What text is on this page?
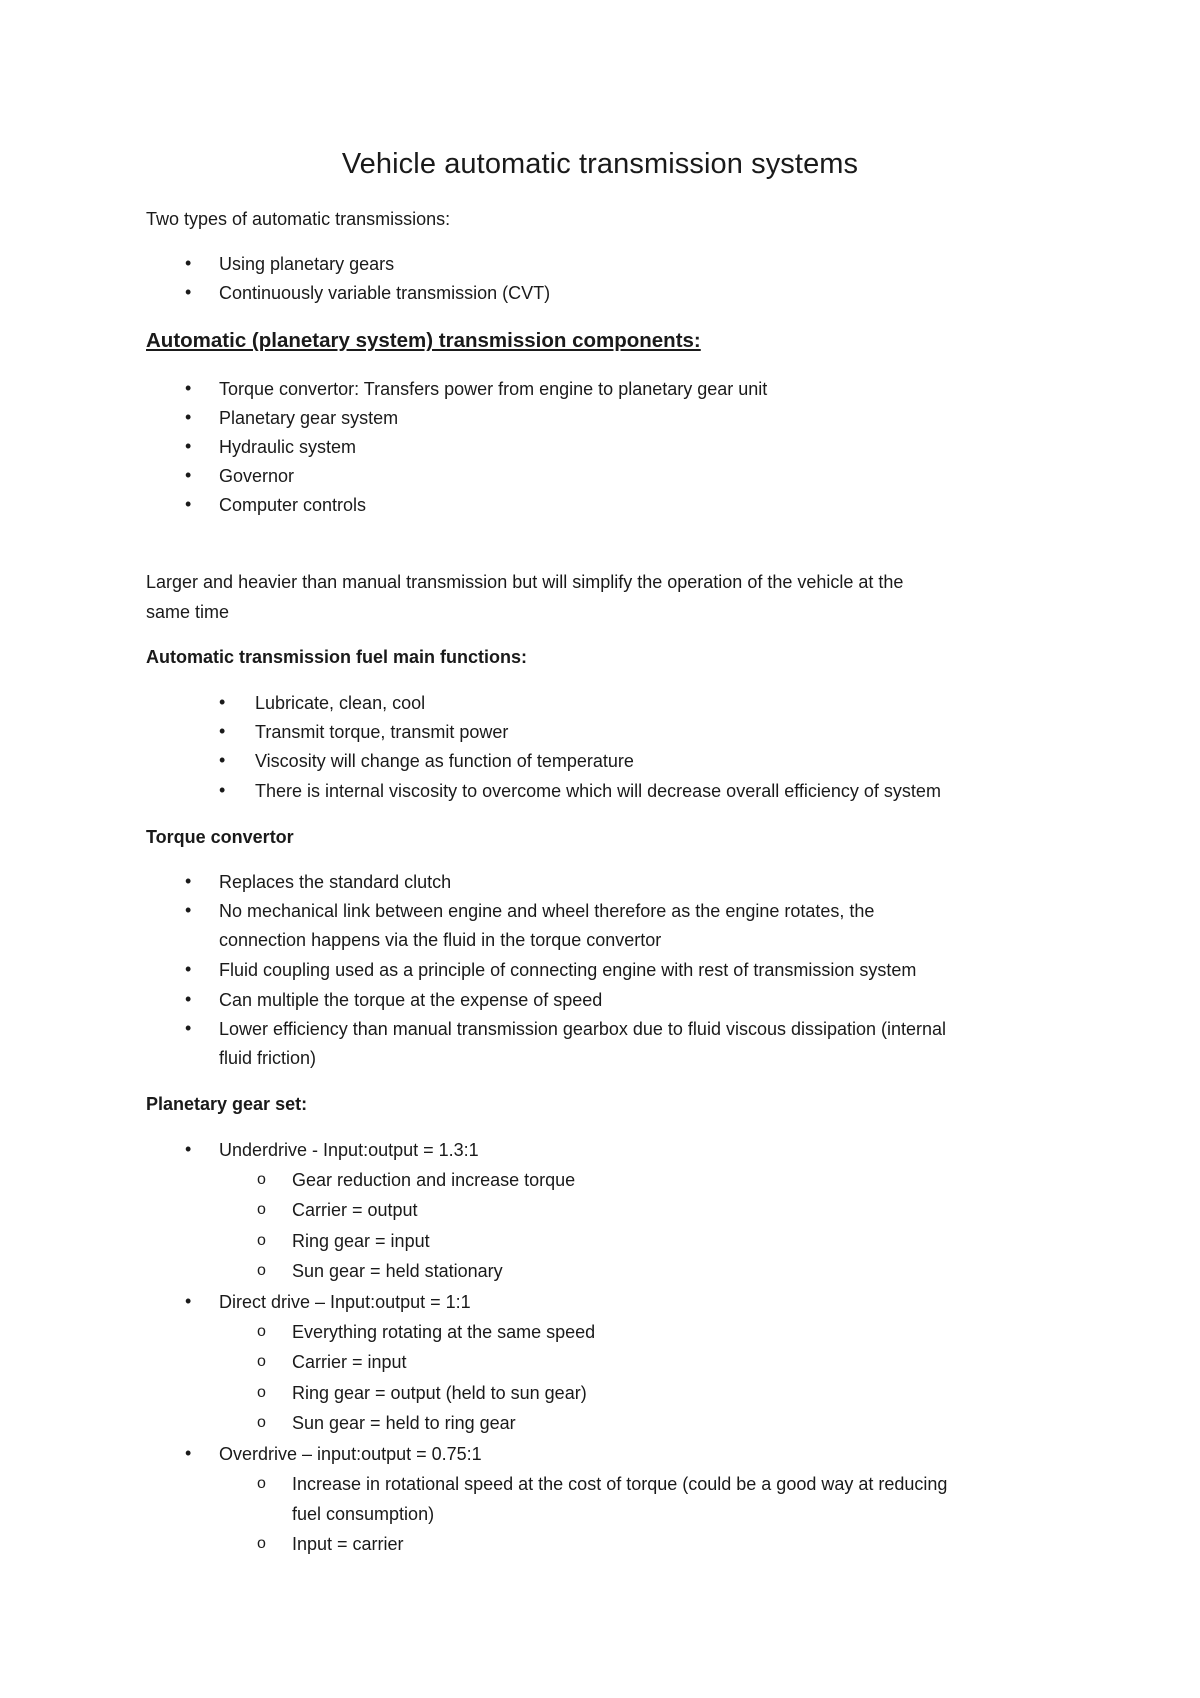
Vehicle automatic transmission systems
Two types of automatic transmissions:
• Using planetary gears
• Continuously variable transmission (CVT)
Automatic (planetary system) transmission components:
• Torque convertor: Transfers power from engine to planetary gear unit
• Planetary gear system
• Hydraulic system
• Governor
• Computer controls
Larger and heavier than manual transmission but will simplify the operation of the vehicle at the
same time
Automatic transmission fuel main functions:
• Lubricate, clean, cool
• Transmit torque, transmit power
• Viscosity will change as function of temperature
• There is internal viscosity to overcome which will decrease overall efficiency of system
Torque convertor
• Replaces the standard clutch
• No mechanical link between engine and wheel therefore as the engine rotates, the
connection happens via the fluid in the torque convertor
• Fluid coupling used as a principle of connecting engine with rest of transmission system
• Can multiple the torque at the expense of speed
• Lower efficiency than manual transmission gearbox due to fluid viscous dissipation (internal
fluid friction)
Planetary gear set:
• Underdrive - Input:output = 1.3:1
o Gear reduction and increase torque
o Carrier = output
o Ring gear = input
o Sun gear = held stationary
• Direct drive – Input:output = 1:1
o Everything rotating at the same speed
o Carrier = input
o Ring gear = output (held to sun gear)
o Sun gear = held to ring gear
• Overdrive – input:output = 0.75:1
o Increase in rotational speed at the cost of torque (could be a good way at reducing
fuel consumption)
o Input = carrier
